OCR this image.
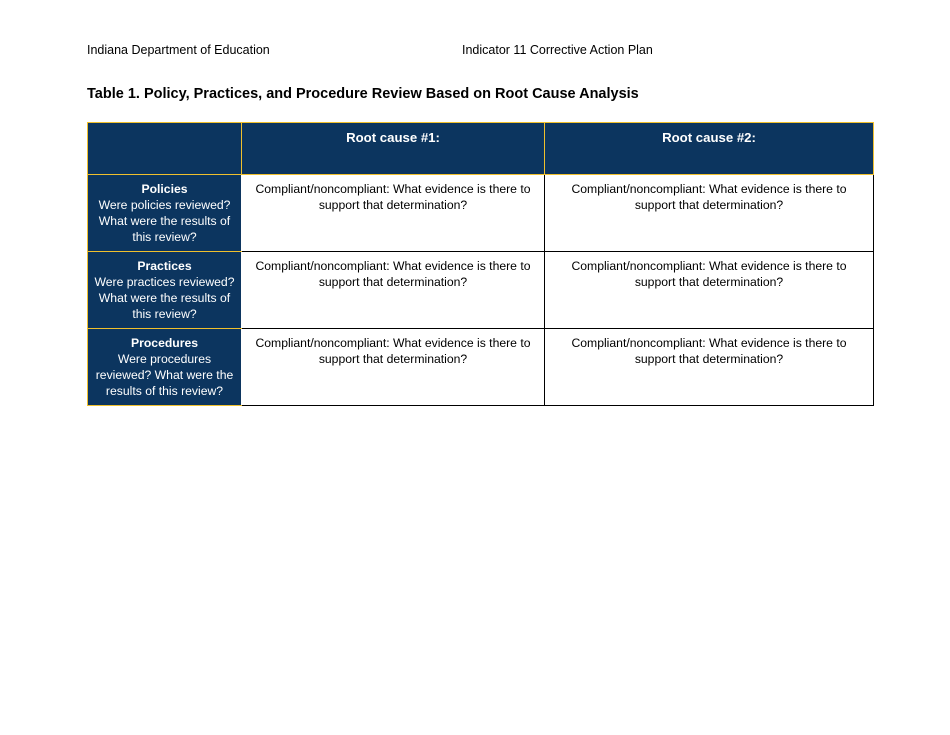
Indiana Department of Education	Indicator 11 Corrective Action Plan
Table 1. Policy, Practices, and Procedure Review Based on Root Cause Analysis
	Root cause #1:	Root cause #2:

Policies
Were policies reviewed? What were the results of this review?	Compliant/noncompliant: What evidence is there to support that determination?	Compliant/noncompliant: What evidence is there to support that determination?

Practices
Were practices reviewed? What were the results of this review?	Compliant/noncompliant: What evidence is there to support that determination?	Compliant/noncompliant: What evidence is there to support that determination?

Procedures
Were procedures reviewed? What were the results of this review?	Compliant/noncompliant: What evidence is there to support that determination?	Compliant/noncompliant: What evidence is there to support that determination?
